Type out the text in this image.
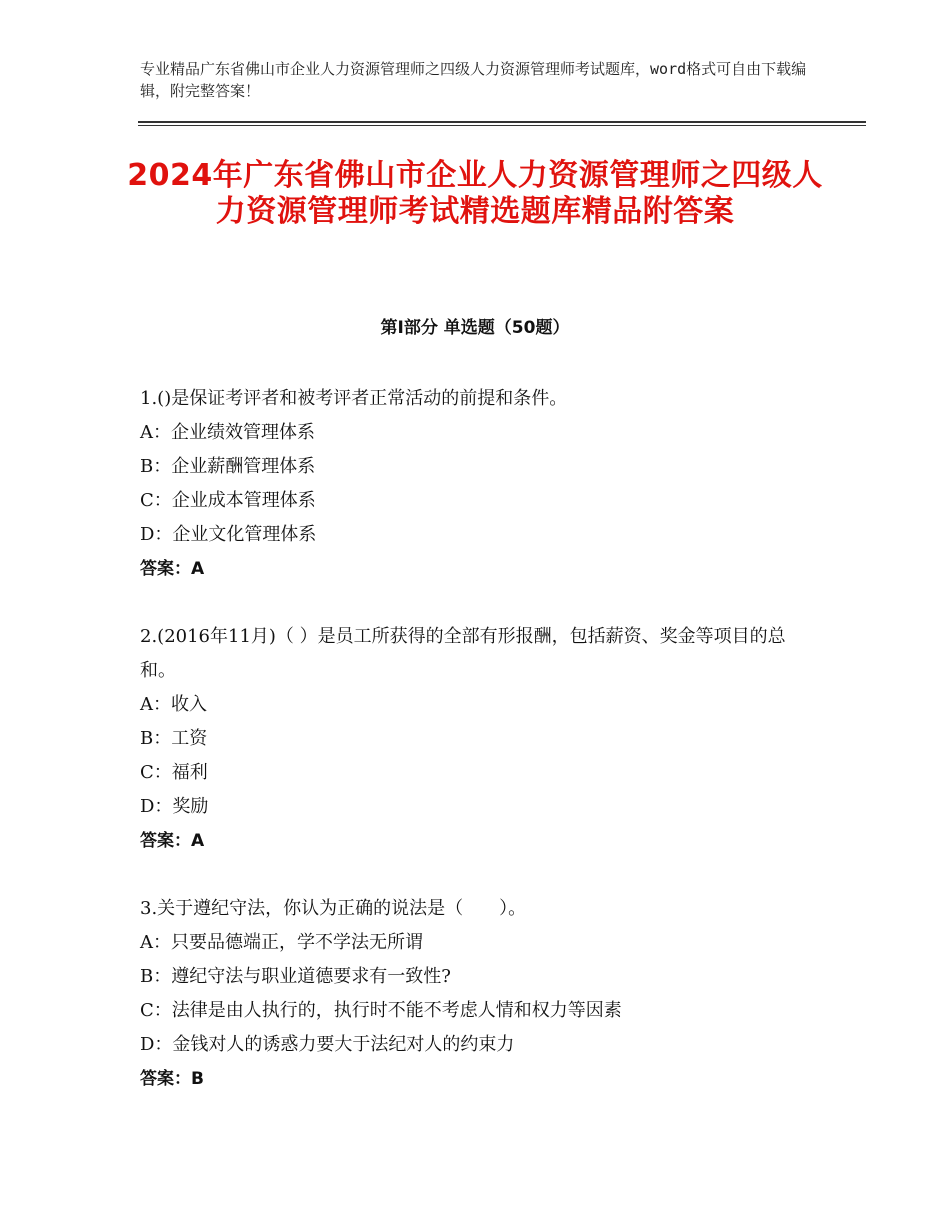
专业精品广东省佛山市企业人力资源管理师之四级人力资源管理师考试题库，word格式可自由下载编辑，附完整答案！
2024年广东省佛山市企业人力资源管理师之四级人力资源管理师考试精选题库精品附答案
第Ⅰ部分 单选题（50题）

1.()是保证考评者和被考评者正常活动的前提和条件。

A：企业绩效管理体系

B：企业薪酬管理体系

C：企业成本管理体系

D：企业文化管理体系

答案：A

2.(2016年11月)（ ）是员工所获得的全部有形报酬，包括薪资、奖金等项目的总和。

A：收入

B：工资

C：福利

D：奖励

答案：A

3.关于遵纪守法，你认为正确的说法是（　　）。

A：只要品德端正，学不学法无所谓

B：遵纪守法与职业道德要求有一致性?

C：法律是由人执行的，执行时不能不考虑人情和权力等因素

D：金钱对人的诱惑力要大于法纪对人的约束力

答案：B
